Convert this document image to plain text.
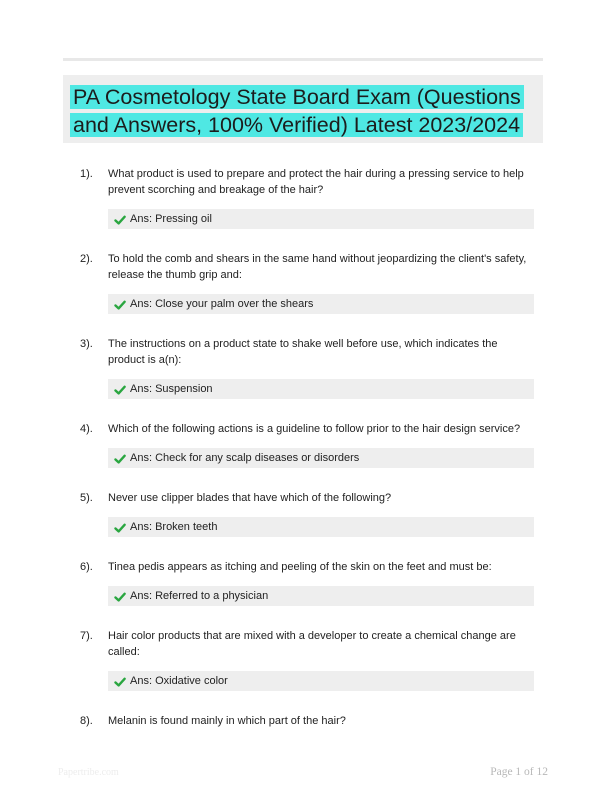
PA Cosmetology State Board Exam (Questions
and Answers, 100% Verified) Latest 2023/2024
1). What product is used to prepare and protect the hair during a pressing service to help prevent scorching and breakage of the hair?
Ans: Pressing oil
2). To hold the comb and shears in the same hand without jeopardizing the client's safety, release the thumb grip and:
Ans: Close your palm over the shears
3). The instructions on a product state to shake well before use, which indicates the product is a(n):
Ans: Suspension
4). Which of the following actions is a guideline to follow prior to the hair design service?
Ans: Check for any scalp diseases or disorders
5). Never use clipper blades that have which of the following?
Ans: Broken teeth
6). Tinea pedis appears as itching and peeling of the skin on the feet and must be:
Ans: Referred to a physician
7). Hair color products that are mixed with a developer to create a chemical change are called:
Ans: Oxidative color
8). Melanin is found mainly in which part of the hair?
Papertribe.com	Page 1 of 12
